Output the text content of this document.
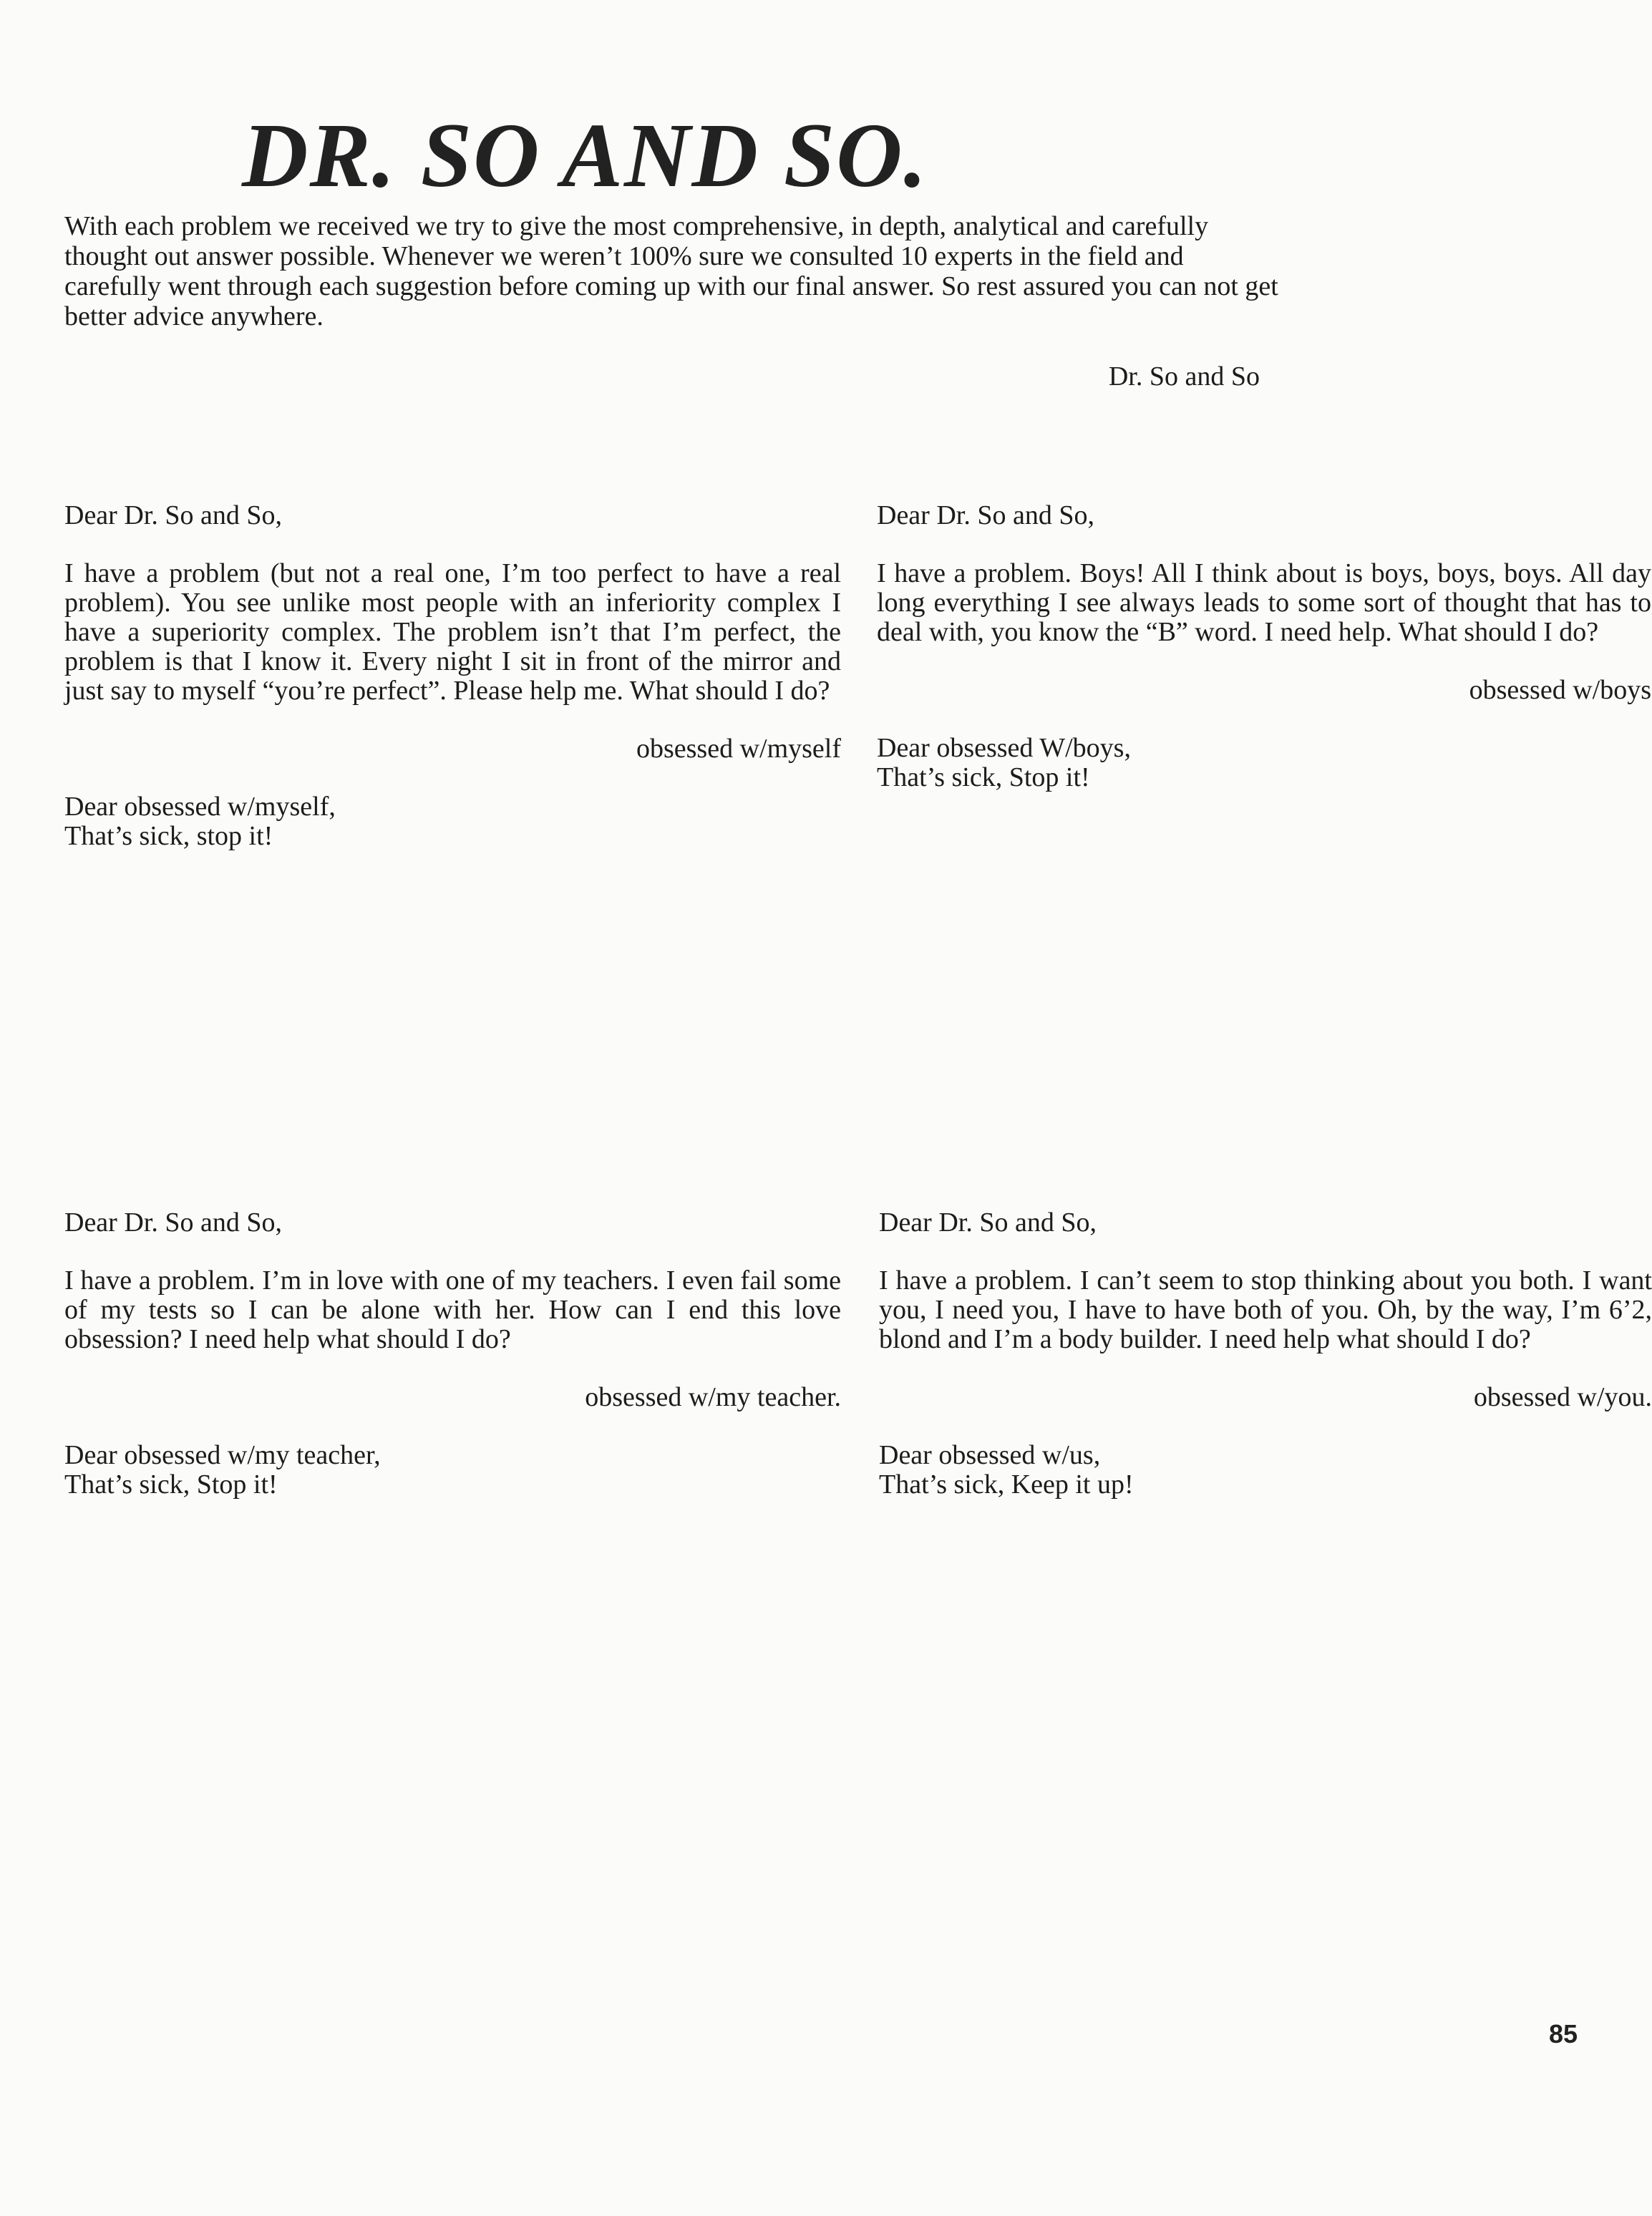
DR. SO AND SO.

With each problem we received we try to give the most comprehensive, in depth, analytical and carefully thought out answer possible. Whenever we weren’t 100% sure we consulted 10 experts in the field and carefully went through each suggestion before coming up with our final answer. So rest assured you can not get better advice anywhere.

Dr. So and So

Dear Dr. So and So,

I have a problem (but not a real one, I’m too perfect to have a real problem). You see unlike most people with an inferiority complex I have a superiority complex. The problem isn’t that I’m perfect, the problem is that I know it. Every night I sit in front of the mirror and just say to myself “you’re perfect”. Please help me. What should I do?

obsessed w/myself

Dear obsessed w/myself,
That’s sick, stop it!

Dear Dr. So and So,

I have a problem. Boys! All I think about is boys, boys, boys. All day long everything I see always leads to some sort of thought that has to deal with, you know the “B” word. I need help. What should I do?

obsessed w/boys

Dear obsessed W/boys,
That’s sick, Stop it!

Dear Dr. So and So,

I have a problem. I’m in love with one of my teachers. I even fail some of my tests so I can be alone with her. How can I end this love obsession? I need help what should I do?

obsessed w/my teacher.

Dear obsessed w/my teacher,
That’s sick, Stop it!

Dear Dr. So and So,

I have a problem. I can’t seem to stop thinking about you both. I want you, I need you, I have to have both of you. Oh, by the way, I’m 6’2, blond and I’m a body builder. I need help what should I do?

obsessed w/you.

Dear obsessed w/us,
That’s sick, Keep it up!

85
